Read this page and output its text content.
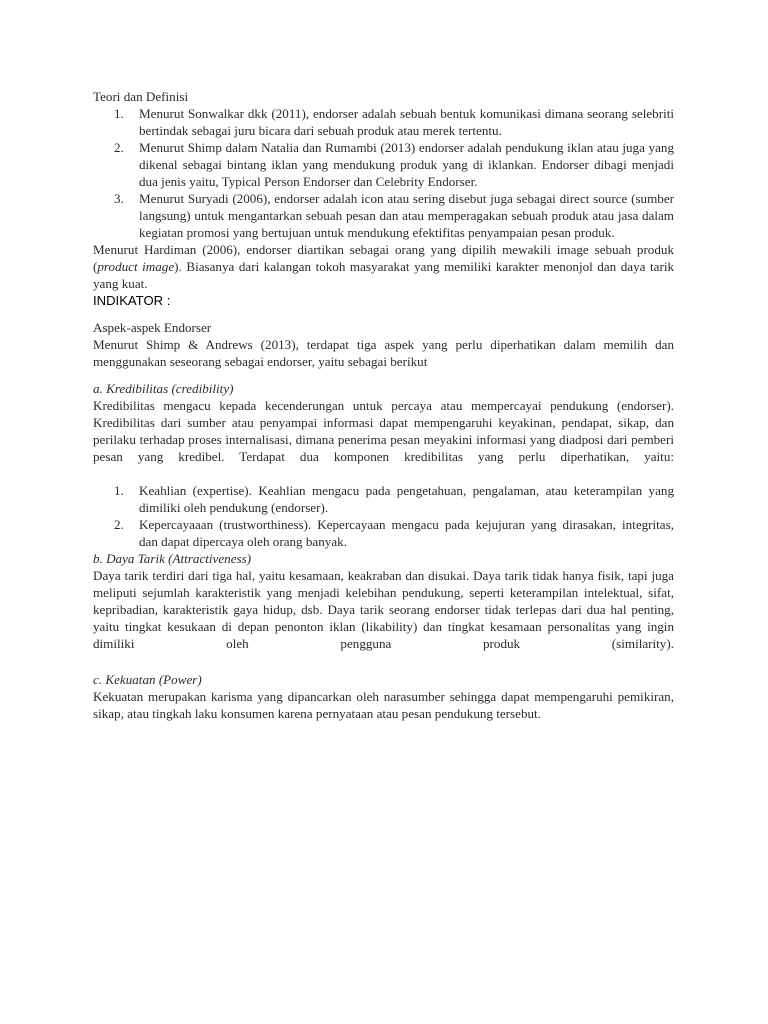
Teori dan Definisi

1. Menurut Sonwalkar dkk (2011), endorser adalah sebuah bentuk komunikasi dimana seorang selebriti bertindak sebagai juru bicara dari sebuah produk atau merek tertentu.
2. Menurut Shimp dalam Natalia dan Rumambi (2013) endorser adalah pendukung iklan atau juga yang dikenal sebagai bintang iklan yang mendukung produk yang di iklankan. Endorser dibagi menjadi dua jenis yaitu, Typical Person Endorser dan Celebrity Endorser.
3. Menurut Suryadi (2006), endorser adalah icon atau sering disebut juga sebagai direct source (sumber langsung) untuk mengantarkan sebuah pesan dan atau memperagakan sebuah produk atau jasa dalam kegiatan promosi yang bertujuan untuk mendukung efektifitas penyampaian pesan produk.

Menurut Hardiman (2006), endorser diartikan sebagai orang yang dipilih mewakili image sebuah produk (product image). Biasanya dari kalangan tokoh masyarakat yang memiliki karakter menonjol dan daya tarik yang kuat.

INDIKATOR :

Aspek-aspek Endorser

Menurut Shimp & Andrews (2013), terdapat tiga aspek yang perlu diperhatikan dalam memilih dan menggunakan seseorang sebagai endorser, yaitu sebagai berikut

a. Kredibilitas (credibility)

Kredibilitas mengacu kepada kecenderungan untuk percaya atau mempercayai pendukung (endorser). Kredibilitas dari sumber atau penyampai informasi dapat mempengaruhi keyakinan, pendapat, sikap, dan perilaku terhadap proses internalisasi, dimana penerima pesan meyakini informasi yang diadposi dari pemberi pesan yang kredibel. Terdapat dua komponen kredibilitas yang perlu diperhatikan, yaitu:

1. Keahlian (expertise). Keahlian mengacu pada pengetahuan, pengalaman, atau keterampilan yang dimiliki oleh pendukung (endorser).
2. Kepercayaaan (trustworthiness). Kepercayaan mengacu pada kejujuran yang dirasakan, integritas, dan dapat dipercaya oleh orang banyak.

b. Daya Tarik (Attractiveness)

Daya tarik terdiri dari tiga hal, yaitu kesamaan, keakraban dan disukai. Daya tarik tidak hanya fisik, tapi juga meliputi sejumlah karakteristik yang menjadi kelebihan pendukung, seperti keterampilan intelektual, sifat, kepribadian, karakteristik gaya hidup, dsb. Daya tarik seorang endorser tidak terlepas dari dua hal penting, yaitu tingkat kesukaan di depan penonton iklan (likability) dan tingkat kesamaan personalitas yang ingin dimiliki oleh pengguna produk (similarity).

c. Kekuatan (Power)

Kekuatan merupakan karisma yang dipancarkan oleh narasumber sehingga dapat mempengaruhi pemikiran, sikap, atau tingkah laku konsumen karena pernyataan atau pesan pendukung tersebut.
